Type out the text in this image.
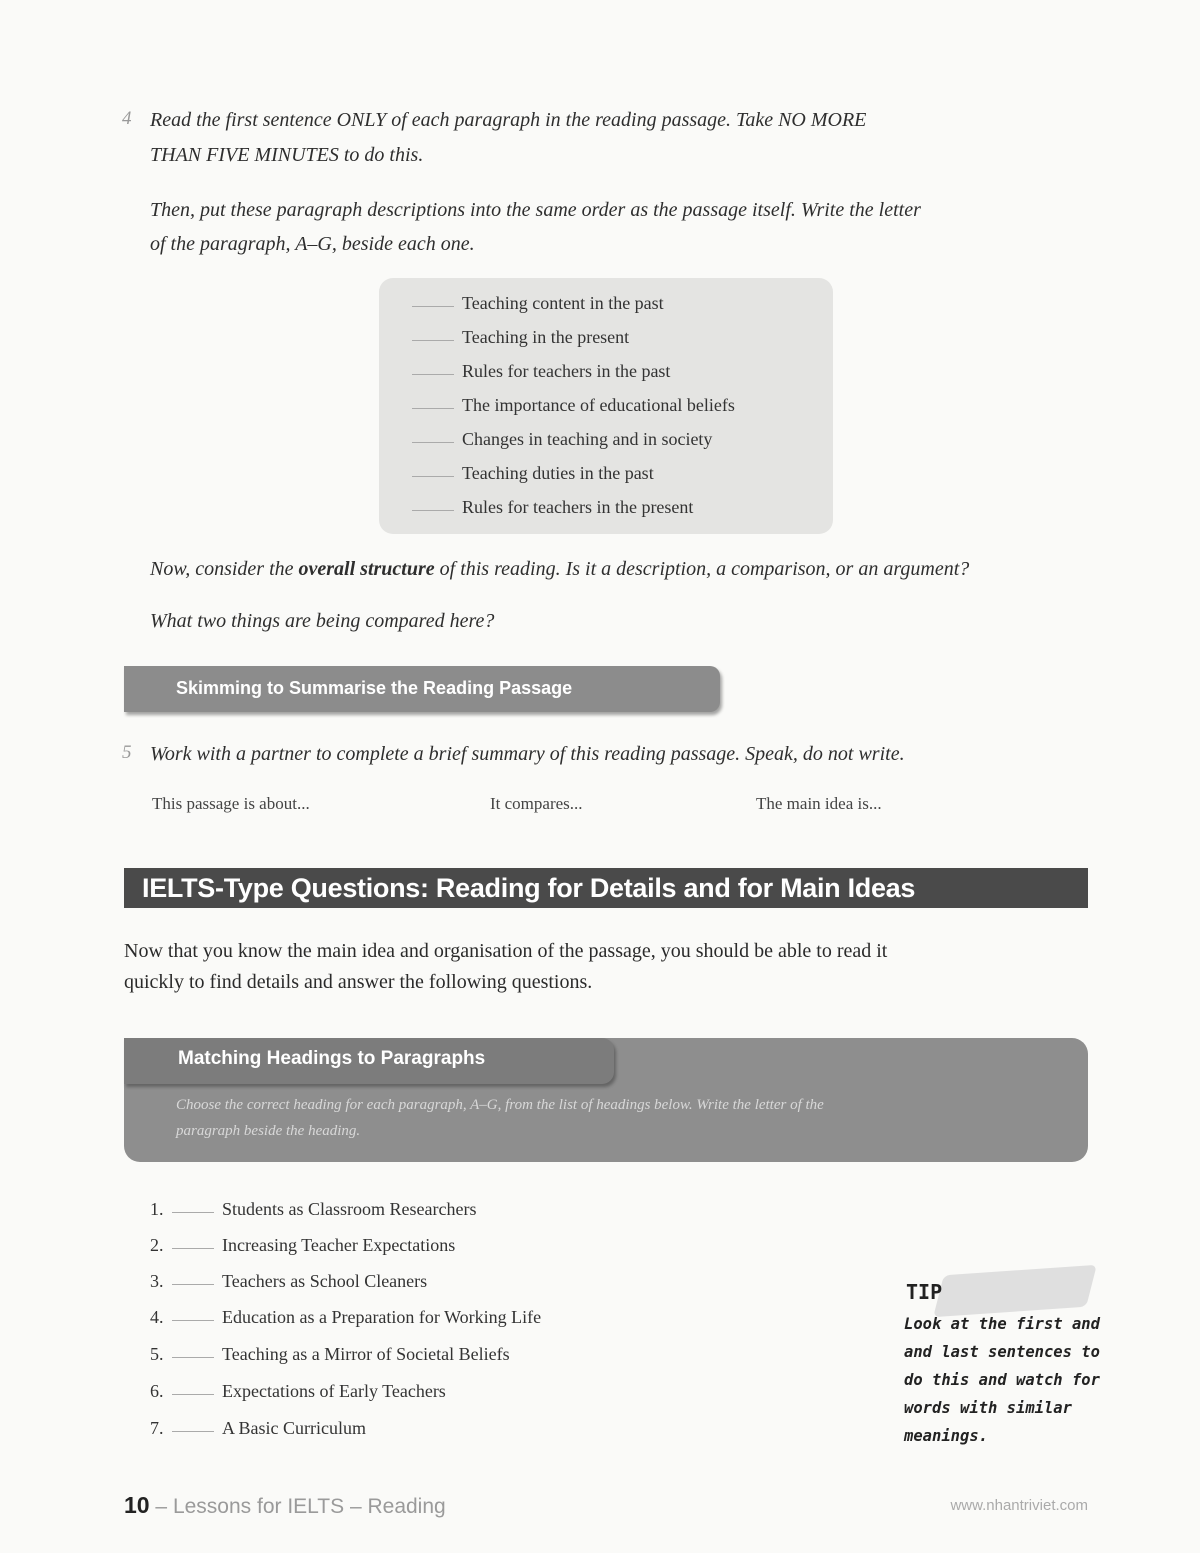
4 Read the first sentence ONLY of each paragraph in the reading passage. Take NO MORE
THAN FIVE MINUTES to do this.
Then, put these paragraph descriptions into the same order as the passage itself. Write the letter
of the paragraph, A–G, beside each one.
Teaching content in the past
Teaching in the present
Rules for teachers in the past
The importance of educational beliefs
Changes in teaching and in society
Teaching duties in the past
Rules for teachers in the present
Now, consider the overall structure of this reading. Is it a description, a comparison, or an argument?
What two things are being compared here?
Skimming to Summarise the Reading Passage
5 Work with a partner to complete a brief summary of this reading passage. Speak, do not write.
This passage is about...	It compares...	The main idea is...
IELTS-Type Questions: Reading for Details and for Main Ideas
Now that you know the main idea and organisation of the passage, you should be able to read it
quickly to find details and answer the following questions.
Matching Headings to Paragraphs
Choose the correct heading for each paragraph, A–G, from the list of headings below. Write the letter of the
paragraph beside the heading.
1.	Students as Classroom Researchers
2.	Increasing Teacher Expectations
3.	Teachers as School Cleaners
4.	Education as a Preparation for Working Life
5.	Teaching as a Mirror of Societal Beliefs
6.	Expectations of Early Teachers
7.	A Basic Curriculum
TIP
Look at the first and
and last sentences to
do this and watch for
words with similar
meanings.
10 – Lessons for IELTS – Reading	www.nhantriviet.com
